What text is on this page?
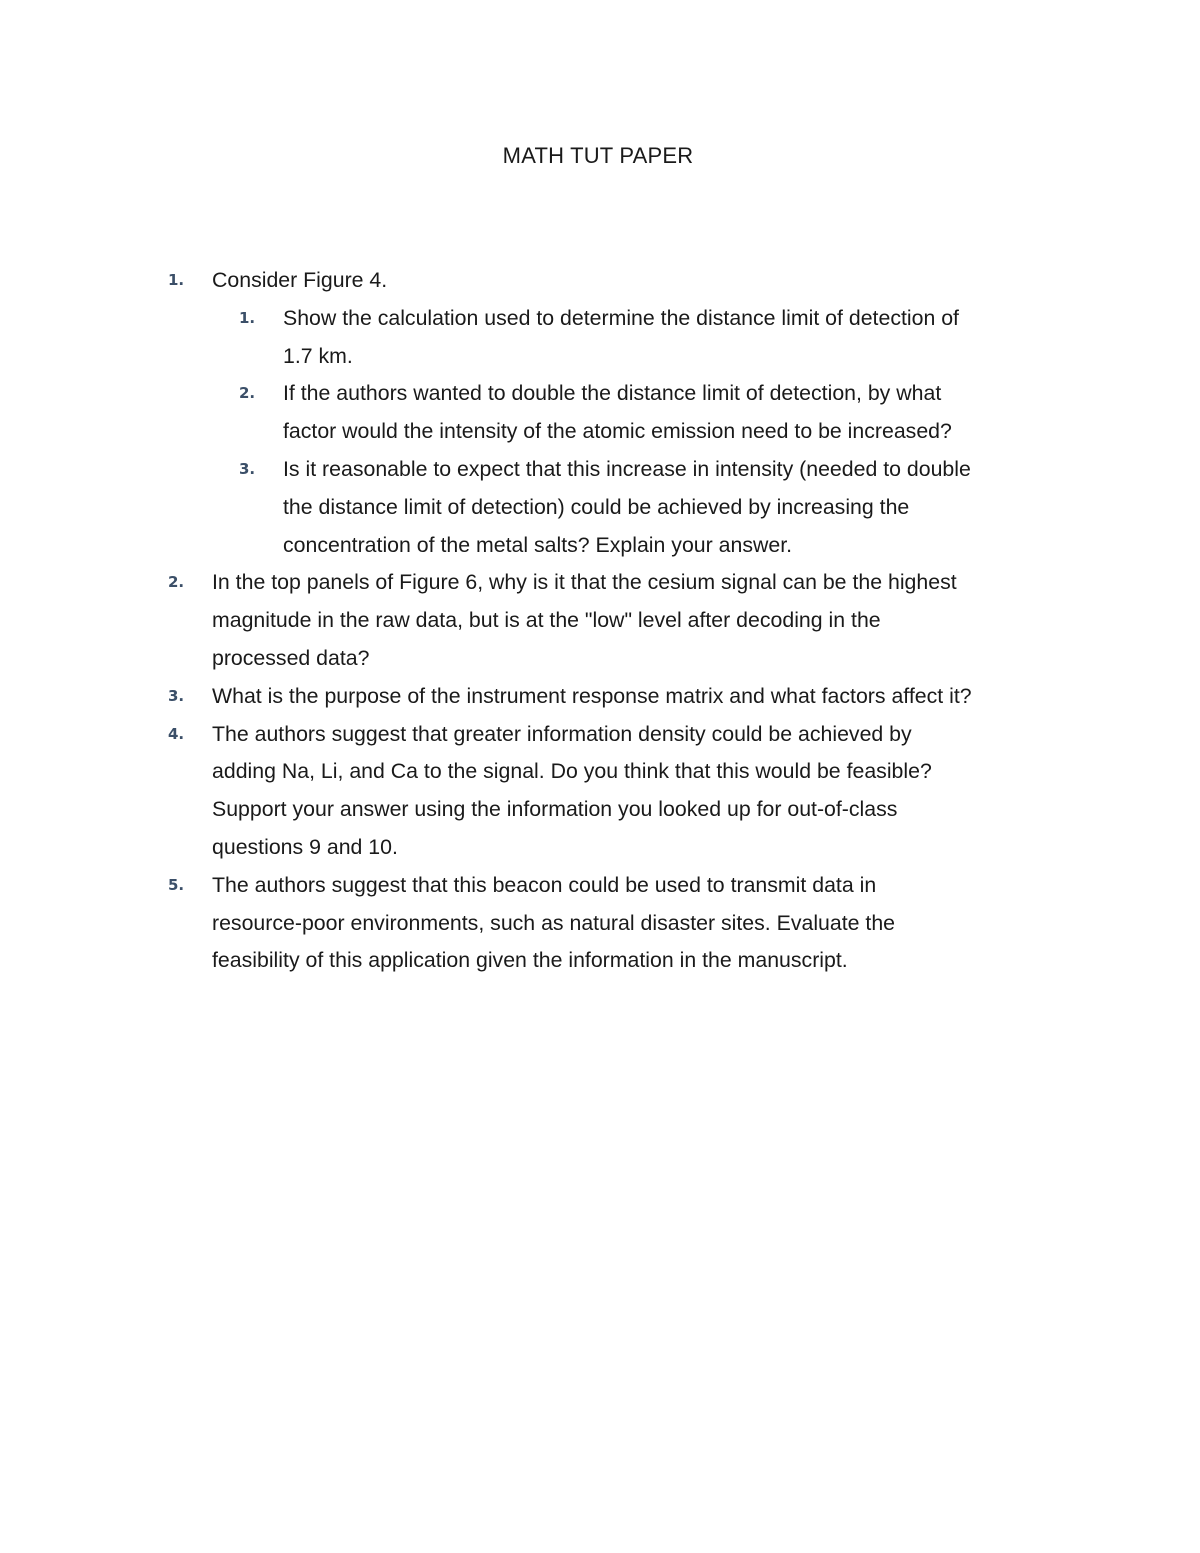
MATH TUT PAPER
1.	Consider Figure 4.
1.	Show the calculation used to determine the distance limit of detection of
1.7 km.
2.	If the authors wanted to double the distance limit of detection, by what
factor would the intensity of the atomic emission need to be increased?
3.	Is it reasonable to expect that this increase in intensity (needed to double
the distance limit of detection) could be achieved by increasing the
concentration of the metal salts? Explain your answer.
2.	In the top panels of Figure 6, why is it that the cesium signal can be the highest
magnitude in the raw data, but is at the "low" level after decoding in the
processed data?
3.	What is the purpose of the instrument response matrix and what factors affect it?
4.	The authors suggest that greater information density could be achieved by
adding Na, Li, and Ca to the signal. Do you think that this would be feasible?
Support your answer using the information you looked up for out-of-class
questions 9 and 10.
5.	The authors suggest that this beacon could be used to transmit data in
resource-poor environments, such as natural disaster sites. Evaluate the
feasibility of this application given the information in the manuscript.
